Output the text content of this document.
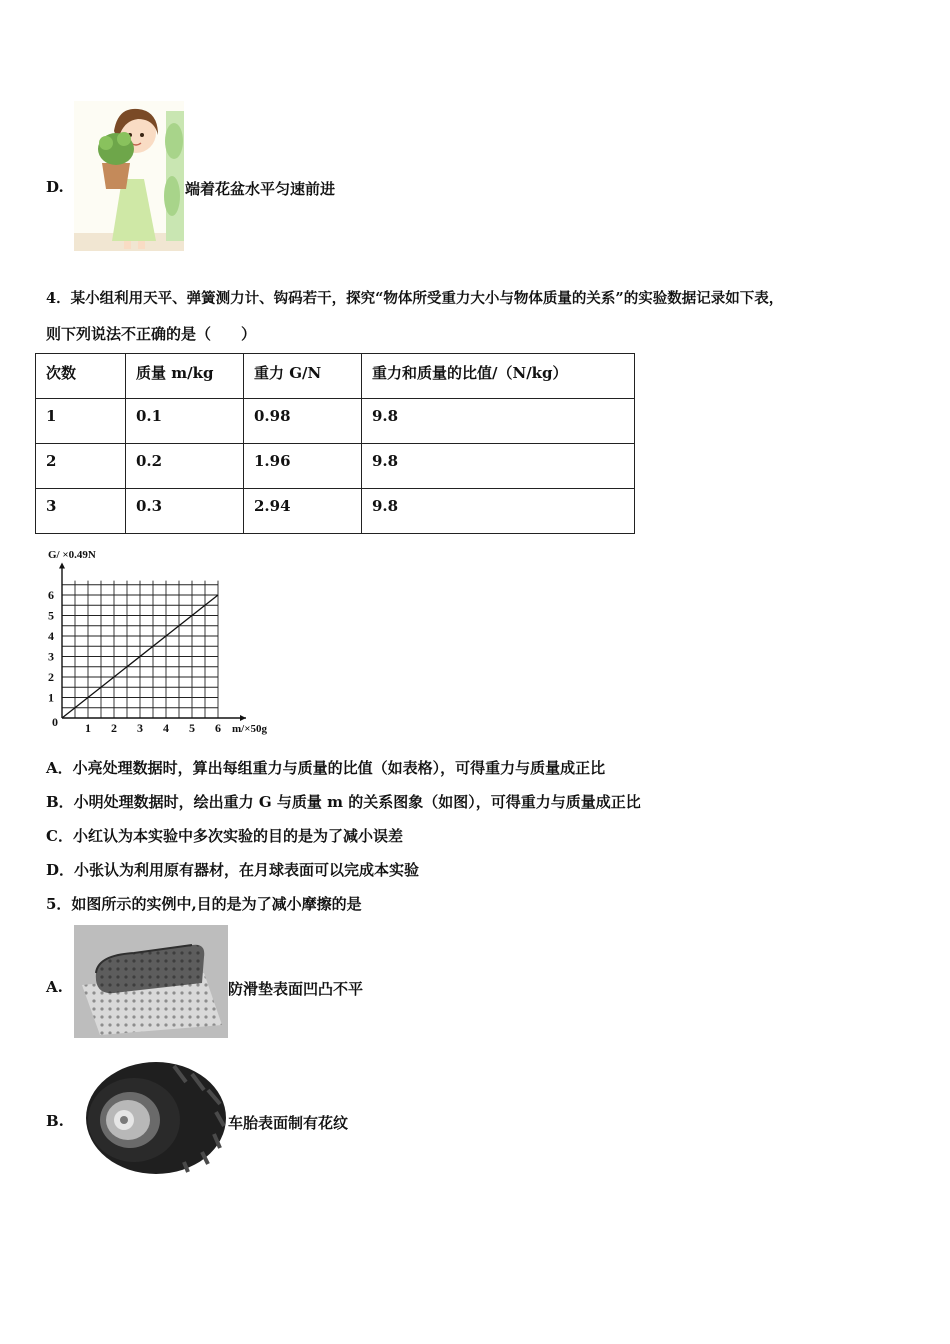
D.	端着花盆水平匀速前进
4．某小组利用天平、弹簧测力计、钩码若干，探究“物体所受重力大小与物体质量的关系”的实验数据记录如下表，
则下列说法不正确的是（　　）
次数	质量 m/kg	重力 G/N	重力和质量的比值/（N/kg）
1	0.1	0.98	9.8
2	0.2	1.96	9.8
3	0.3	2.94	9.8
1 2 3 4 5 6
1
2
3
4
5
6
0
G/ ×0.49N
m/×50g
A．小亮处理数据时，算出每组重力与质量的比值（如表格），可得重力与质量成正比
B．小明处理数据时，绘出重力 G 与质量 m 的关系图象（如图），可得重力与质量成正比
C．小红认为本实验中多次实验的目的是为了减小误差
D．小张认为利用原有器材，在月球表面可以完成本实验
5．如图所示的实例中,目的是为了减小摩擦的是
A.	防滑垫表面凹凸不平
B.	车胎表面制有花纹
